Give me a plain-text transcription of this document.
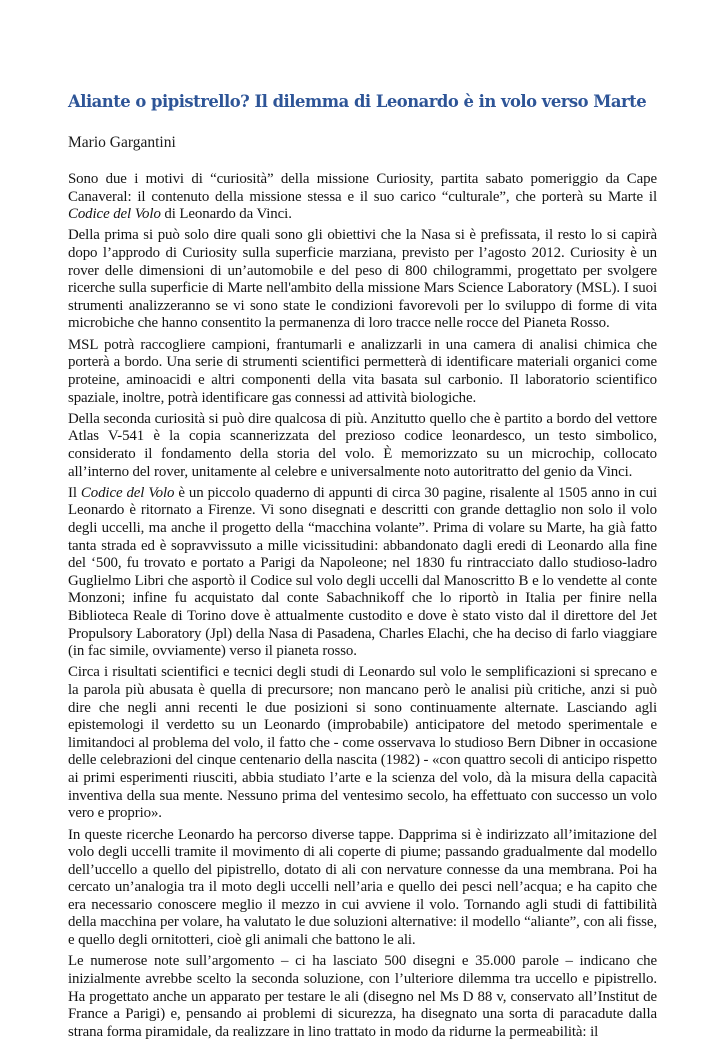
Aliante o pipistrello? Il dilemma di Leonardo è in volo verso Marte

Mario Gargantini

Sono due i motivi di “curiosità” della missione Curiosity, partita sabato pomeriggio da Cape Canaveral: il contenuto della missione stessa e il suo carico “culturale”, che porterà su Marte il Codice del Volo di Leonardo da Vinci.

Della prima si può solo dire quali sono gli obiettivi che la Nasa si è prefissata, il resto lo si capirà dopo l’approdo di Curiosity sulla superficie marziana, previsto per l’agosto 2012. Curiosity è un rover delle dimensioni di un’automobile e del peso di 800 chilogrammi, progettato per svolgere ricerche sulla superficie di Marte nell'ambito della missione Mars Science Laboratory (MSL). I suoi strumenti analizzeranno se vi sono state le condizioni favorevoli per lo sviluppo di forme di vita microbiche che hanno consentito la permanenza di loro tracce nelle rocce del Pianeta Rosso.

MSL potrà raccogliere campioni, frantumarli e analizzarli in una camera di analisi chimica che porterà a bordo. Una serie di strumenti scientifici permetterà di identificare materiali organici come proteine, aminoacidi e altri componenti della vita basata sul carbonio. Il laboratorio scientifico spaziale, inoltre, potrà identificare gas connessi ad attività biologiche.

Della seconda curiosità si può dire qualcosa di più. Anzitutto quello che è partito a bordo del vettore Atlas V-541 è la copia scannerizzata del prezioso codice leonardesco, un testo simbolico, considerato il fondamento della storia del volo. È memorizzato su un microchip, collocato all’interno del rover, unitamente al celebre e universalmente noto autoritratto del genio da Vinci.

Il Codice del Volo è un piccolo quaderno di appunti di circa 30 pagine, risalente al 1505 anno in cui Leonardo è ritornato a Firenze. Vi sono disegnati e descritti con grande dettaglio non solo il volo degli uccelli, ma anche il progetto della “macchina volante”. Prima di volare su Marte, ha già fatto tanta strada ed è sopravvissuto a mille vicissitudini: abbandonato dagli eredi di Leonardo alla fine del ‘500, fu trovato e portato a Parigi da Napoleone; nel 1830 fu rintracciato dallo studioso-ladro Guglielmo Libri che asportò il Codice sul volo degli uccelli dal Manoscritto B e lo vendette al conte Monzoni; infine fu acquistato dal conte Sabachnikoff che lo riportò in Italia per finire nella Biblioteca Reale di Torino dove è attualmente custodito e dove è stato visto dal il direttore del Jet Propulsory Laboratory (Jpl) della Nasa di Pasadena, Charles Elachi, che ha deciso di farlo viaggiare (in fac simile, ovviamente) verso il pianeta rosso.

Circa i risultati scientifici e tecnici degli studi di Leonardo sul volo le semplificazioni si sprecano e la parola più abusata è quella di precursore; non mancano però le analisi più critiche, anzi si può dire che negli anni recenti le due posizioni si sono continuamente alternate. Lasciando agli epistemologi il verdetto su un Leonardo (improbabile) anticipatore del metodo sperimentale e limitandoci al problema del volo, il fatto che - come osservava lo studioso Bern Dibner in occasione delle celebrazioni del cinque centenario della nascita (1982) - «con quattro secoli di anticipo rispetto ai primi esperimenti riusciti, abbia studiato l’arte e la scienza del volo, dà la misura della capacità inventiva della sua mente. Nessuno prima del ventesimo secolo, ha effettuato con successo un volo vero e proprio».

In queste ricerche Leonardo ha percorso diverse tappe. Dapprima si è indirizzato all’imitazione del volo degli uccelli tramite il movimento di ali coperte di piume; passando gradualmente dal modello dell’uccello a quello del pipistrello, dotato di ali con nervature connesse da una membrana. Poi ha cercato un’analogia tra il moto degli uccelli nell’aria e quello dei pesci nell’acqua; e ha capito che era necessario conoscere meglio il mezzo in cui avviene il volo. Tornando agli studi di fattibilità della macchina per volare, ha valutato le due soluzioni alternative: il modello “aliante”, con ali fisse, e quello degli ornitotteri, cioè gli animali che battono le ali.

Le numerose note sull’argomento – ci ha lasciato 500 disegni e 35.000 parole – indicano che inizialmente avrebbe scelto la seconda soluzione, con l’ulteriore dilemma tra uccello e pipistrello. Ha progettato anche un apparato per testare le ali (disegno nel Ms D 88 v, conservato all’Institut de France a Parigi) e, pensando ai problemi di sicurezza, ha disegnato una sorta di paracadute dalla strana forma piramidale, da realizzare in lino trattato in modo da ridurne la permeabilità: il
